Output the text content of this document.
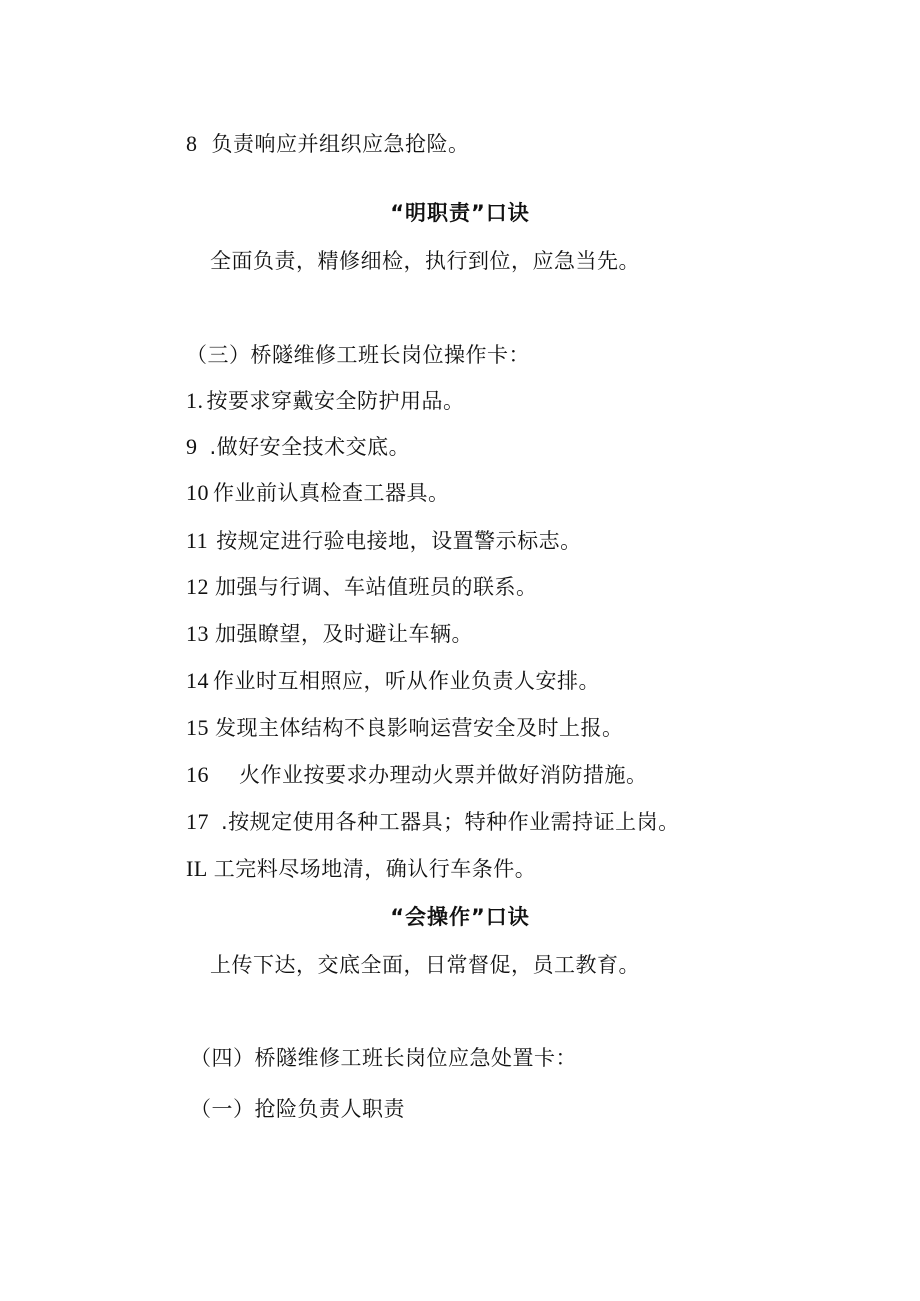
8 负责响应并组织应急抢险。
“明职责”口诀
全面负责，精修细检，执行到位，应急当先。
（三）桥隧维修工班长岗位操作卡：
1. 按要求穿戴安全防护用品。
9 .做好安全技术交底。
10 作业前认真检查工器具。
11 按规定进行验电接地，设置警示标志。
12 加强与行调、车站值班员的联系。
13 加强瞭望，及时避让车辆。
14 作业时互相照应，听从作业负责人安排。
15 发现主体结构不良影响运营安全及时上报。
16 火作业按要求办理动火票并做好消防措施。
17 .按规定使用各种工器具；特种作业需持证上岗。
IL 工完料尽场地清，确认行车条件。
“会操作”口诀
上传下达，交底全面，日常督促，员工教育。
（四）桥隧维修工班长岗位应急处置卡：
（一）抢险负责人职责
